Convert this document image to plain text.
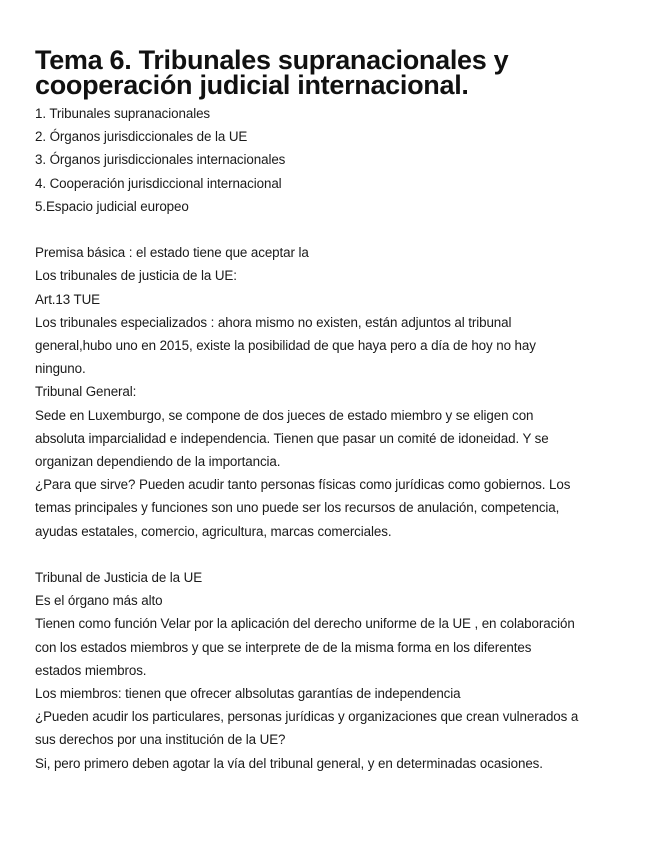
Tema 6. Tribunales supranacionales y
cooperación judicial internacional.

1. Tribunales supranacionales

2. Órganos jurisdiccionales de la UE

3. Órganos jurisdiccionales internacionales

4. Cooperación jurisdiccional internacional

5.Espacio judicial europeo

Premisa básica : el estado tiene que aceptar la

Los tribunales de justicia de la UE:

Art.13 TUE

Los tribunales especializados : ahora mismo no existen, están adjuntos al tribunal

general,hubo uno en 2015, existe la posibilidad de que haya pero a día de hoy no hay

ninguno.

Tribunal General:

Sede en Luxemburgo, se compone de dos jueces de estado miembro y se eligen con

absoluta imparcialidad e independencia. Tienen que pasar un comité de idoneidad. Y se

organizan dependiendo de la importancia.

¿Para que sirve? Pueden acudir tanto personas físicas como jurídicas como gobiernos. Los

temas principales y funciones son uno puede ser los recursos de anulación, competencia,

ayudas estatales, comercio, agricultura, marcas comerciales.

Tribunal de Justicia de la UE

Es el órgano más alto

Tienen como función Velar por la aplicación del derecho uniforme de la UE , en colaboración

con los estados miembros y que se interprete de de la misma forma en los diferentes

estados miembros.

Los miembros: tienen que ofrecer albsolutas garantías de independencia

¿Pueden acudir los particulares, personas jurídicas y organizaciones que crean vulnerados a

sus derechos por una institución de la UE?

Si, pero primero deben agotar la vía del tribunal general, y en determinadas ocasiones.
